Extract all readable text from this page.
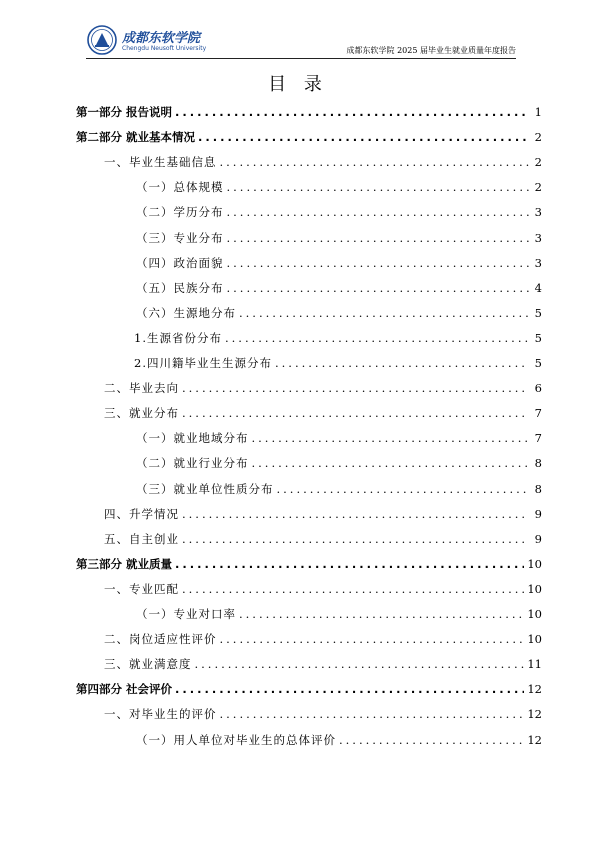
成都东软学院
Chengdu Neusoft University	成都东软学院 2025 届毕业生就业质量年度报告
目 录
第一部分 报告说明 .....	1
第二部分 就业基本情况 .....	2
一、毕业生基础信息 .....	2
（一）总体规模 .....	2
（二）学历分布 .....	3
（三）专业分布 .....	3
（四）政治面貌 .....	3
（五）民族分布 .....	4
（六）生源地分布 .....	5
1.生源省份分布 .....	5
2.四川籍毕业生生源分布 .....	5
二、毕业去向 .....	6
三、就业分布 .....	7
（一）就业地域分布 .....	7
（二）就业行业分布 .....	8
（三）就业单位性质分布 .....	8
四、升学情况 .....	9
五、自主创业 .....	9
第三部分 就业质量 .....	10
一、专业匹配 .....	10
（一）专业对口率 .....	10
二、岗位适应性评价 .....	10
三、就业满意度 .....	11
第四部分 社会评价 .....	12
一、对毕业生的评价 .....	12
（一）用人单位对毕业生的总体评价 .....	12
